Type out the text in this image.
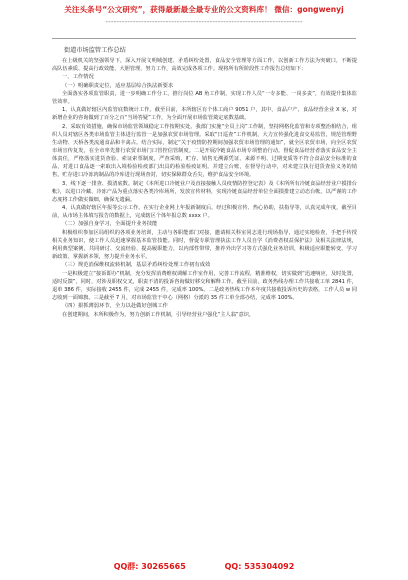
关注头条号“公文研究”，获得最新最全最专业的公文资料库！ 微信：gongwenyj
------------------------------------------------------------------------
街道市场监管工作总结
在上级机关的坚强领导下，深入开展文明城创建、矛盾纠纷处置，食品安全管理等方面工作，以创新工作方法为突破口，不断提高队伍素质、提高行政效能、大胆管理，努力工作，高效完成各项工作。现将所有所阶段性工作报告总结如下：
一、工作情况
（一）明确职责定位，适应基层综合执法新要求
全面落实各项监管职责，进一步明确工作分工，推行岗位 AB 角工作制，实现工作人员“一专多能、一岗多责”，有效提升集体监管效率。
1、认真做好辖区内监管底数统计工作。截至目前，本所辖区有个体工商户 9051 户，其中，食品户产，食品经营企业 X 家，对新增企业的咨询做到了百分之百“当场答疑”工作，为全面开展市场监管奠定底数基础。
2、采取有效措施，确保市场监管领域稳定工作按期实处。我部门实施“全员上岗”工作制，坚持网格化监管和专项整治相结合，组织人员对辖区各类市场监管主体进行监管一是加强农贸市场管理。采取“日巡查”工作机制，大力宣传强化进食交易监管，规范管理野生动物、天桥各类流通食品和丰禽占。结合实际，制定“关于疫情防控期间加强农贸市场管理的通知”，就全区农贸市场，向全区农贸市场宣传复发，在全市率先排行农贸市场门口管控信管制度。二是开展冷链食品市场专项整治行动。督促食品经营者落实食品安全主体责任，严格落实进货查验、索证索票制度，严查采购，贮存、销售无溯源凭证、来源不明、过期变质等不符合食品安全标准的食品，对进口食品逐一索取出入境检验检疫部门出具的检验检疫证明。并建立台账，在督导行动中，对未建立执行进货查验义务的销售，贮存进口冷冻肉制品的冷库进行现场查封，切实保障群众舌尖，维护食品安全环境。
3、线下逐一排查、摸清底数。制定《本所进口冷链业户及直接接触人员疫情防控登记表》及《本所所有冷链食品经营业户摸排台帐》，以进口冷藏、冷冻产品为重点落实各类冷库场所，发放宣传材料，实现冷链食品经营单位全面摸排建立动态台帐。以严谨的工作态度将工作做实做细，确保无遗漏。
4、认真做好辖区年报等公示工作。在实行企业网上年报新制度后，经过积极宣传、热心协助，扶指导等，认真完成年度，截至目前，从市场主体填写报告的数据上，完成辖区个体年报总数 xxxx 户。
（二）加强自身学习，全面提升业务技能
积极组织参加区局组织的各项业务培训，主动与各职能部门对接，邀请相关科室同志进行现场指导，通过实地检查，手把手传授相关业务知识，使工作人员迅速掌握基本监管技能。同时，督促专职管理执法工作人员自学《消费者权益保护法》及相关法律法规，利用典型案例，共同研讨、交流经验、提高履职能力，以内部性带带，推荐外出学习等方式强化业务培训，积极适应职能转变，学习新政策、掌握新本领，努力提升业务水平。
（三）规范消保维权流转机制，基层矛盾纠纷处理工作初有成效
一是积极建立“接诉即办”机制，充分发挥消费维权调解工作室作用，完善工作流程，精准维权，切实做到“迅速响应，及时处置，适时反馈”，同时，对涉及职权交叉，职责不清的投诉咨询做好移交和解释工作。截至目前，政务热线办理工作共接收工单 2841 件，退单 386 件，实际接收 2455 件，完成 2455 件，完成率 100%。二是政务热线工作本年度共接收投诉历史的表格，工作人员 w 同志收到一面锦旗。三是截至 7 月，对市场监管干中心（网格）分派的 35 件工单全部办结，完成率 100%。
（四）狠抓薄弱环节，全力以赴做好创城工作
在创建期间，本所积极作为，努力创新工作机制，引导经营业户强化“主人翁”意识，
QQ群: 30265665	QQ: 535304092
